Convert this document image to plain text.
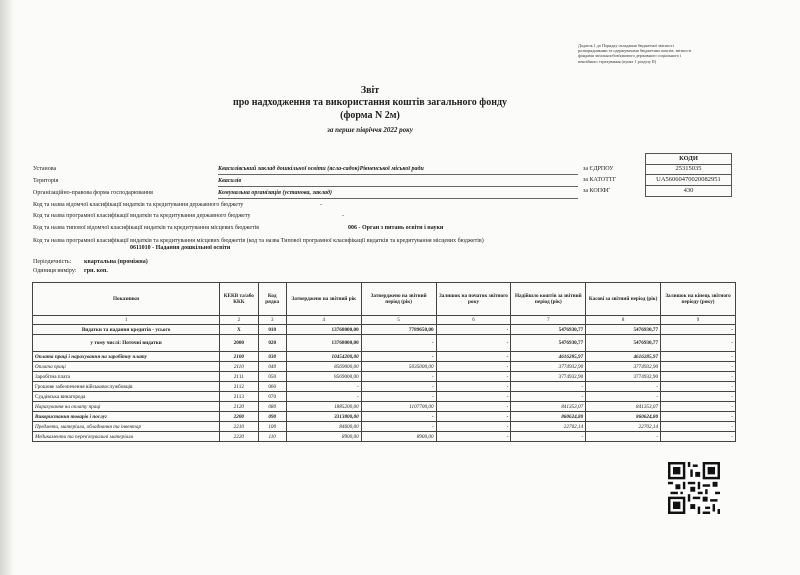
Додаток 1 до Порядку складання бюджетної звітності розпорядниками та одержувачами бюджетних коштів, звітності фондами загальнообов'язкового державного соціального і пенсійного страхування (пункт 1 розділу II)
Звіт
про надходження та використання коштів загального фонду
(форма N 2м)
за перше півріччя 2022 року
КОДИ
за ЄДРПОУ	25315035
за КАТОТТГ	UA56060470020082951
за КОПФГ	430
Установа	Квасилівський заклад дошкільної освіти (ясла-садок)Рівненської міської ради
Територія	Квасилів
Організаційно-правова форма господарювання	Комунальна організація (установа, заклад)
Код та назва відомчої класифікації видатків та кредитування державного бюджету	-
Код та назва програмної класифікації видатків та кредитування державного бюджету	-
Код та назва типової відомчої класифікації видатків та кредитування місцевих бюджетів	006 - Орган з питань освіти і науки
Код та назва програмної класифікації видатків та кредитування місцевих бюджетів (код та назва Типової програмної класифікації видатків та кредитування місцевих бюджетів)
0611010 - Надання дошкільної освіти
Періодичність: квартальна (проміжна)
Одиниця виміру: грн. коп.
Показники	КЕКВ та/або ККК	Код рядка	Затверджено на звітний рік	Затверджено на звітний період (рік)	Залишок на початок звітного року	Надійшло коштів за звітний період (рік)	Касові за звітний період (рік)	Залишок на кінець звітного періоду (року)
1	2	3	4	5	6	7	8	9
Видатки та надання кредитів - усього	X	010	13768000,00	7789650,00	-	5476930,77	5476930,77	-
у тому числі: Поточні видатки	2000	020	13768000,00	-	-	5476930,77	5476930,77	-
Оплата праці і нарахування на заробітну плату	2100	030	10454200,00	-	-	4616285,97	4616285,97	-
Оплата праці	2110	040	8569000,00	5035000,00	-	3774932,90	3774932,90	-
Заробітна плата	2111	050	8569000,00	-	-	3774932,90	3774932,90	-
Грошове забезпечення військовослужбовців	2112	060	-	-	-	-	-	-
Суддівська винагорода	2113	070	-	-	-	-	-	-
Нарахування на оплату праці	2120	080	1885200,00	1107700,00	-	841353,07	841353,07	-
Використання товарів і послуг	2200	090	3313800,00	-	-	860624,80	860624,80	-
Предмети, матеріали, обладнання та інвентар	2210	100	84600,00	-	-	22702,14	22702,14	-
Медикаменти та перев'язувальні матеріали	2220	110	8900,00	8900,00	-	-	-	-
